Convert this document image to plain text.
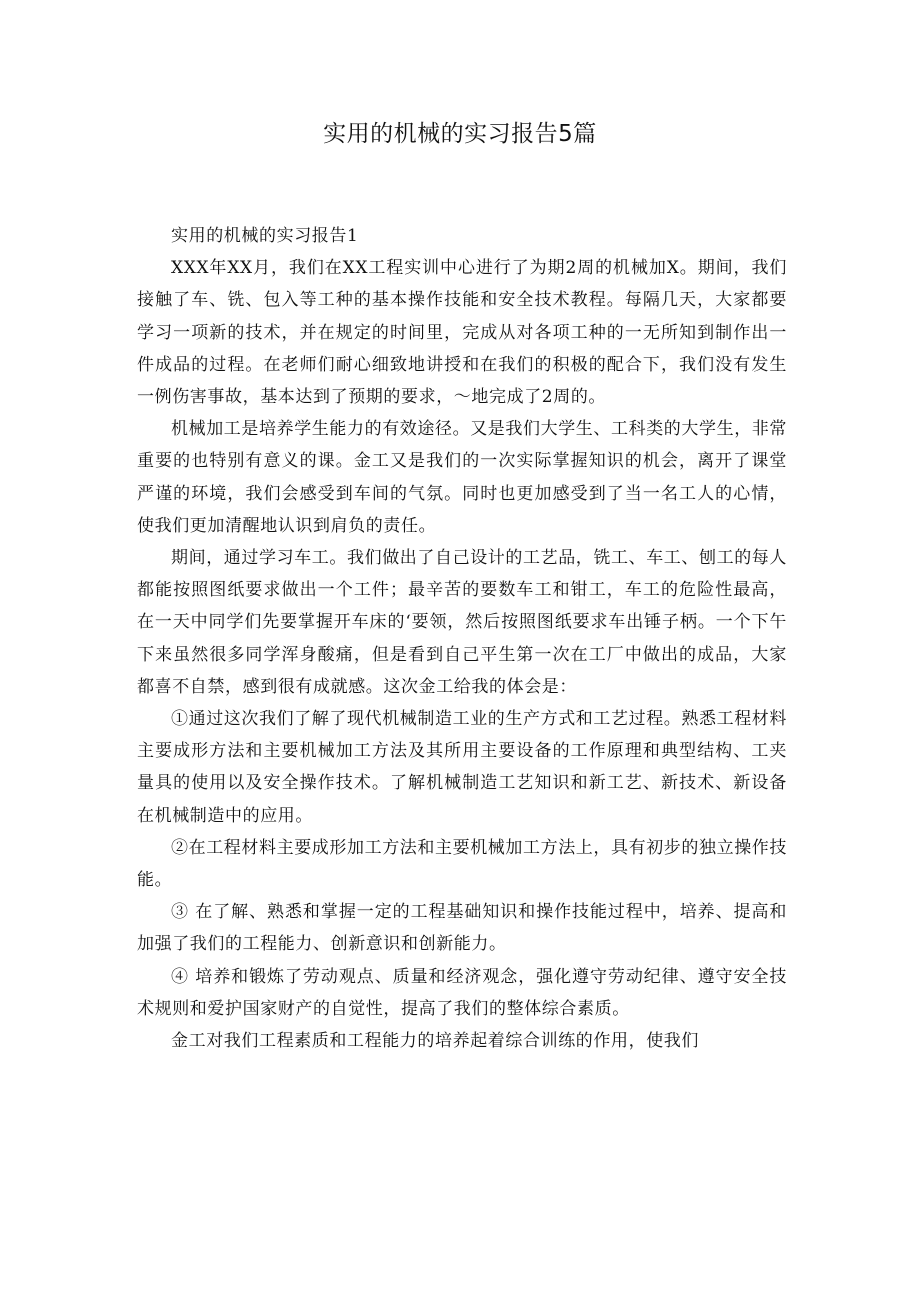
实用的机械的实习报告5篇

实用的机械的实习报告1

XXX年XX月，我们在XX工程实训中心进行了为期2周的机械加X。期间，我们接触了车、铣、包入等工种的基本操作技能和安全技术教程。每隔几天，大家都要学习一项新的技术，并在规定的时间里，完成从对各项工种的一无所知到制作出一件成品的过程。在老师们耐心细致地讲授和在我们的积极的配合下，我们没有发生一例伤害事故，基本达到了预期的要求，～地完成了2周的。

机械加工是培养学生能力的有效途径。又是我们大学生、工科类的大学生，非常重要的也特别有意义的课。金工又是我们的一次实际掌握知识的机会，离开了课堂严谨的环境，我们会感受到车间的气氛。同时也更加感受到了当一名工人的心情，使我们更加清醒地认识到肩负的责任。

期间，通过学习车工。我们做出了自己设计的工艺品，铣工、车工、刨工的每人都能按照图纸要求做出一个工件；最辛苦的要数车工和钳工，车工的危险性最高，在一天中同学们先要掌握开车床的‘要领，然后按照图纸要求车出锤子柄。一个下午下来虽然很多同学浑身酸痛，但是看到自己平生第一次在工厂中做出的成品，大家都喜不自禁，感到很有成就感。这次金工给我的体会是：

①通过这次我们了解了现代机械制造工业的生产方式和工艺过程。熟悉工程材料主要成形方法和主要机械加工方法及其所用主要设备的工作原理和典型结构、工夹量具的使用以及安全操作技术。了解机械制造工艺知识和新工艺、新技术、新设备在机械制造中的应用。

②在工程材料主要成形加工方法和主要机械加工方法上，具有初步的独立操作技能。

③ 在了解、熟悉和掌握一定的工程基础知识和操作技能过程中，培养、提高和加强了我们的工程能力、创新意识和创新能力。

④ 培养和锻炼了劳动观点、质量和经济观念，强化遵守劳动纪律、遵守安全技术规则和爱护国家财产的自觉性，提高了我们的整体综合素质。

金工对我们工程素质和工程能力的培养起着综合训练的作用，使我们
